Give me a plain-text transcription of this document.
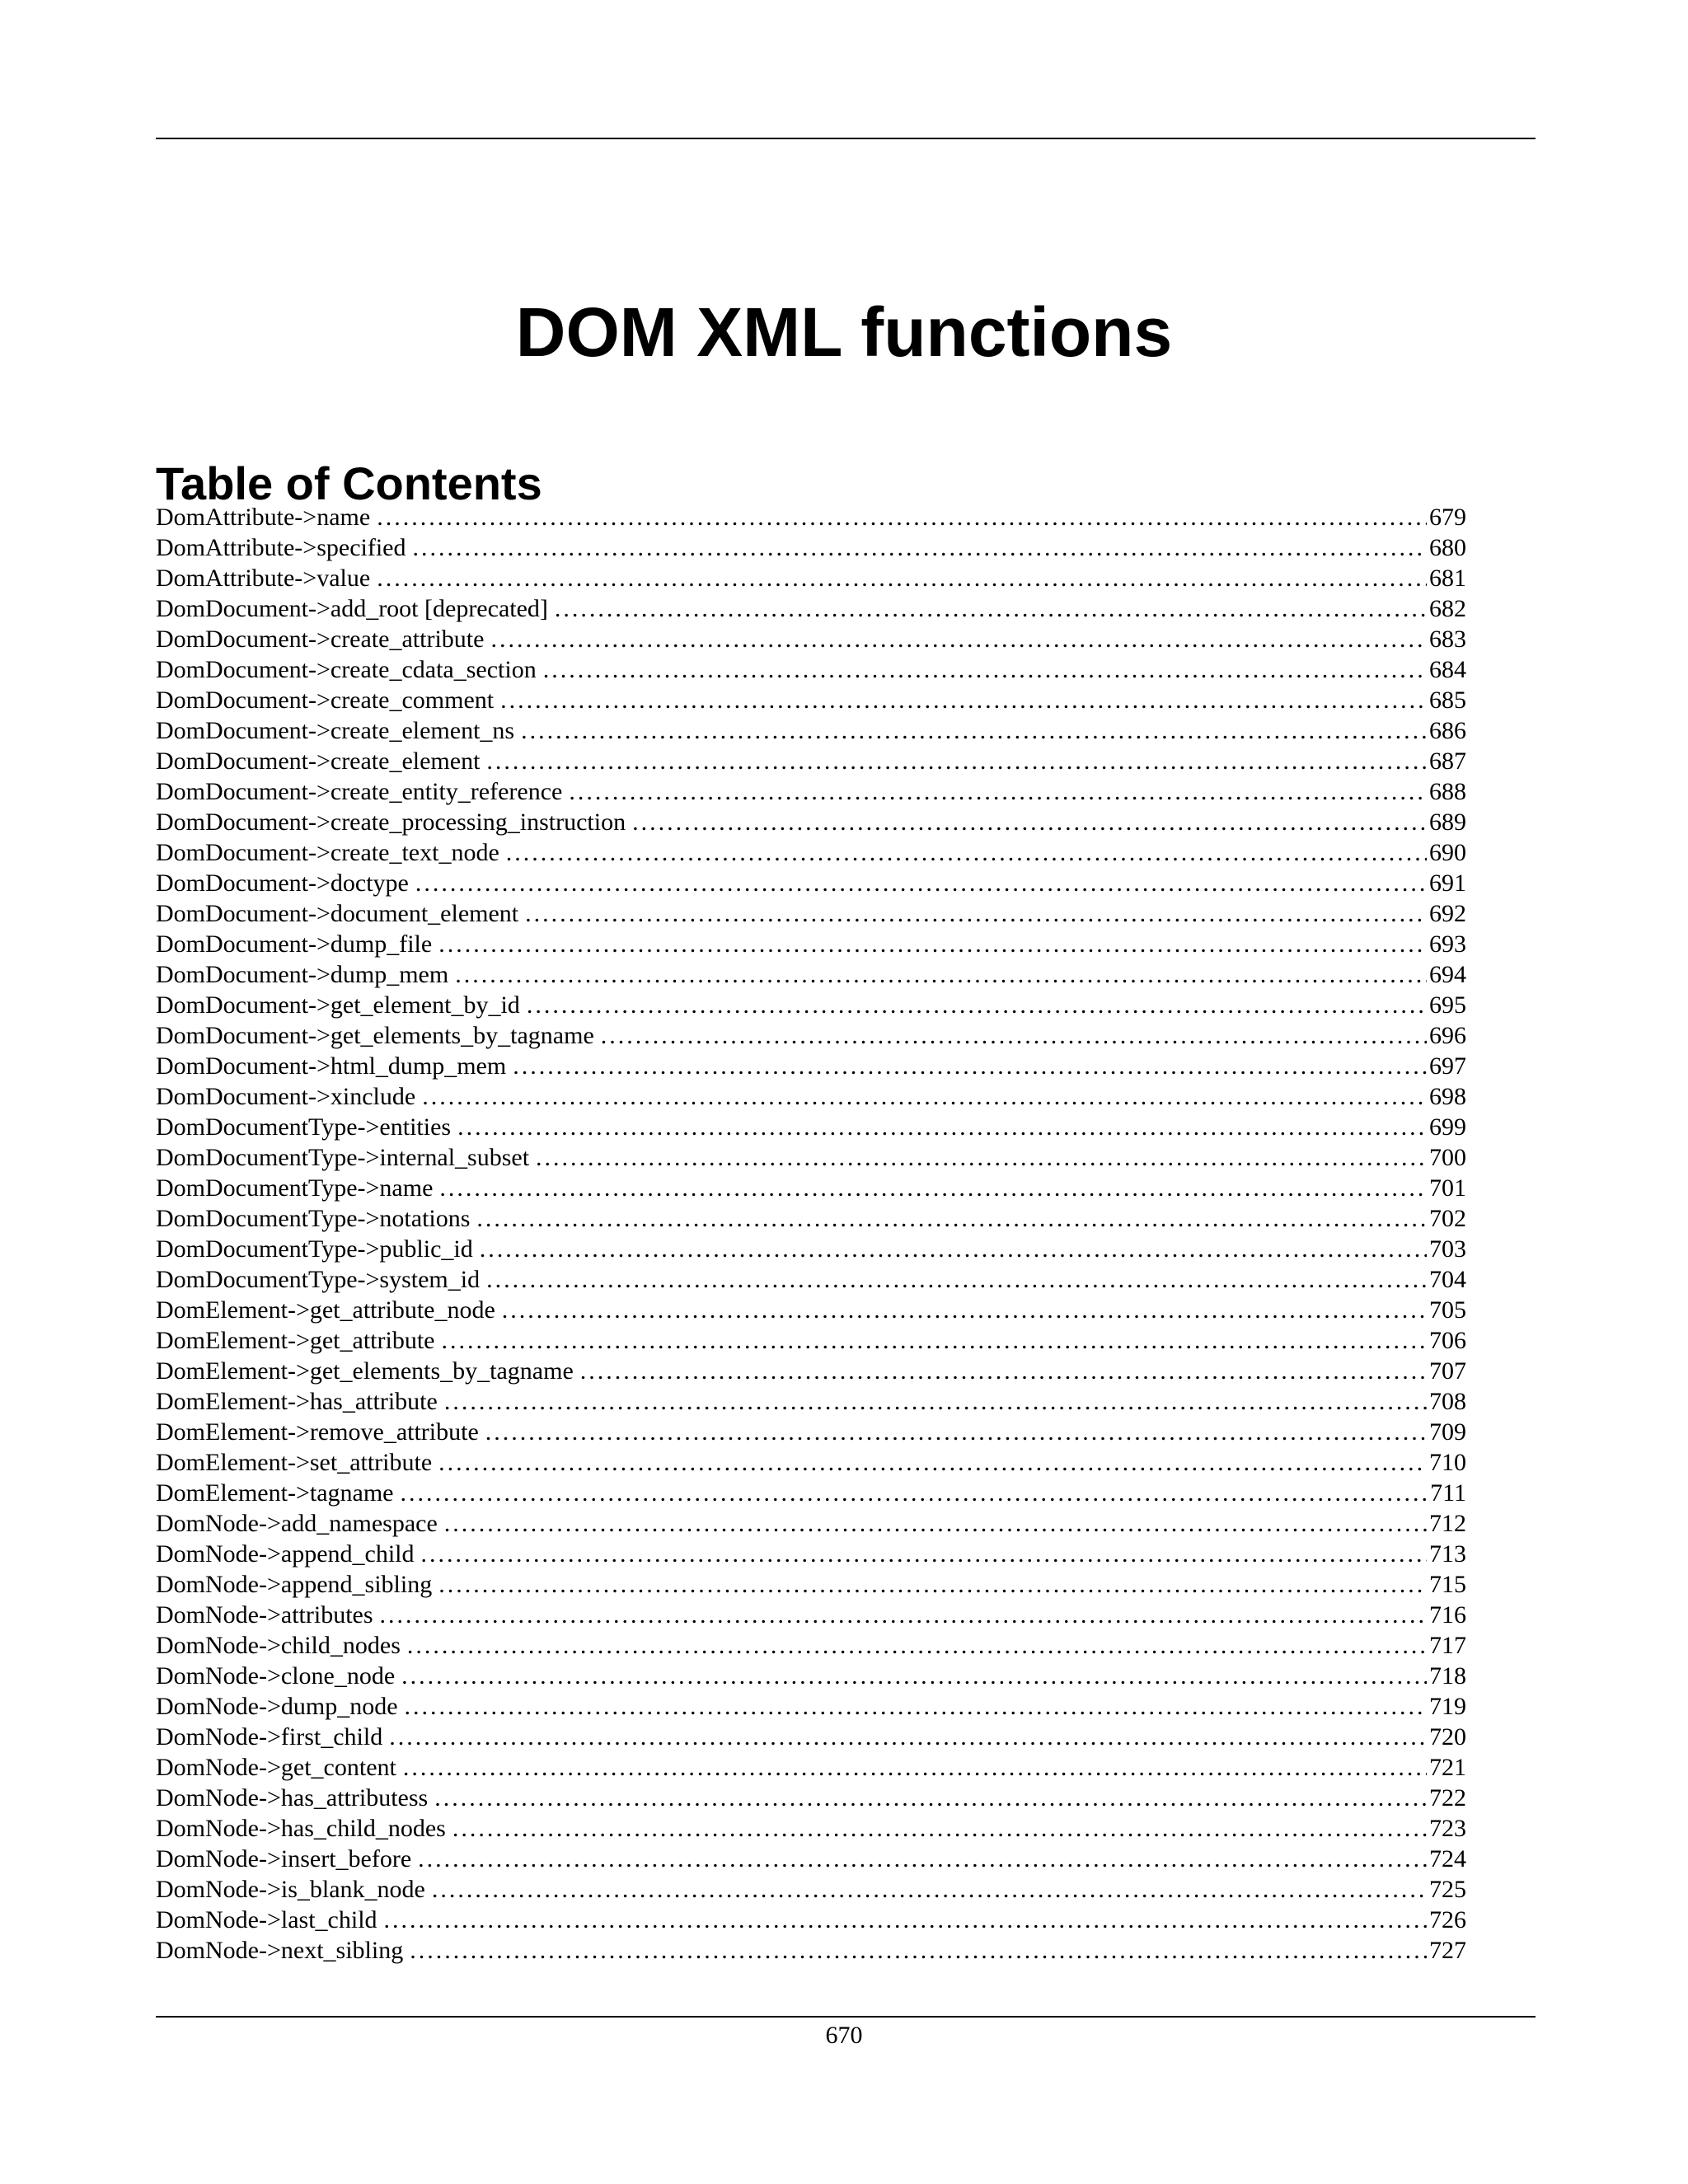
DOM XML functions
Table of Contents
DomAttribute->name .....	679
DomAttribute->specified .....	680
DomAttribute->value .....	681
DomDocument->add_root [deprecated] .....	682
DomDocument->create_attribute .....	683
DomDocument->create_cdata_section .....	684
DomDocument->create_comment .....	685
DomDocument->create_element_ns .....	686
DomDocument->create_element .....	687
DomDocument->create_entity_reference .....	688
DomDocument->create_processing_instruction .....	689
DomDocument->create_text_node .....	690
DomDocument->doctype .....	691
DomDocument->document_element .....	692
DomDocument->dump_file .....	693
DomDocument->dump_mem .....	694
DomDocument->get_element_by_id .....	695
DomDocument->get_elements_by_tagname .....	696
DomDocument->html_dump_mem .....	697
DomDocument->xinclude .....	698
DomDocumentType->entities .....	699
DomDocumentType->internal_subset .....	700
DomDocumentType->name .....	701
DomDocumentType->notations .....	702
DomDocumentType->public_id .....	703
DomDocumentType->system_id .....	704
DomElement->get_attribute_node .....	705
DomElement->get_attribute .....	706
DomElement->get_elements_by_tagname .....	707
DomElement->has_attribute .....	708
DomElement->remove_attribute .....	709
DomElement->set_attribute .....	710
DomElement->tagname .....	711
DomNode->add_namespace .....	712
DomNode->append_child .....	713
DomNode->append_sibling .....	715
DomNode->attributes .....	716
DomNode->child_nodes .....	717
DomNode->clone_node .....	718
DomNode->dump_node .....	719
DomNode->first_child .....	720
DomNode->get_content .....	721
DomNode->has_attributess .....	722
DomNode->has_child_nodes .....	723
DomNode->insert_before .....	724
DomNode->is_blank_node .....	725
DomNode->last_child .....	726
DomNode->next_sibling .....	727
670
